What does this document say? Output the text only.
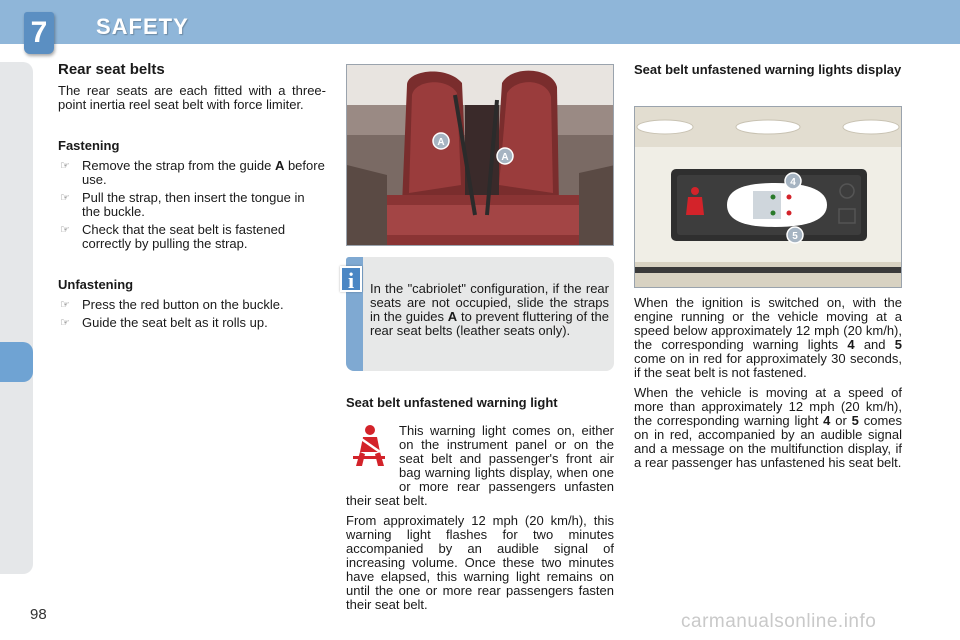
7	SAFETY
Rear seat belts

The rear seats are each fitted with a three-point inertia reel seat belt with force limiter.

Fastening
☞ Remove the strap from the guide A before use.
☞ Pull the strap, then insert the tongue in the buckle.
☞ Check that the seat belt is fastened correctly by pulling the strap.
Unfastening
☞ Press the red button on the buckle.
☞ Guide the seat belt as it rolls up.
A
A
i	In the "cabriolet" configuration, if the rear seats are not occupied, slide the straps in the guides A to prevent fluttering of the rear seat belts (leather seats only).
Seat belt unfastened warning light

This warning light comes on, either on the instrument panel or on the seat belt and passenger's front air bag warning lights display, when one or more rear passengers unfasten their seat belt.

From approximately 12 mph (20 km/h), this warning light flashes for two minutes accompanied by an audible signal of increasing volume. Once these two minutes have elapsed, this warning light remains on until the one or more rear passengers fasten their seat belt.

Seat belt unfastened warning lights display
4
5

When the ignition is switched on, with the engine running or the vehicle moving at a speed below approximately 12 mph (20 km/h), the corresponding warning lights 4 and 5 come on in red for approximately 30 seconds, if the seat belt is not fastened.

When the vehicle is moving at a speed of more than approximately 12 mph (20 km/h), the corresponding warning light 4 or 5 comes on in red, accompanied by an audible signal and a message on the multifunction display, if a rear passenger has unfastened his seat belt.

98	carmanualsonline.info
